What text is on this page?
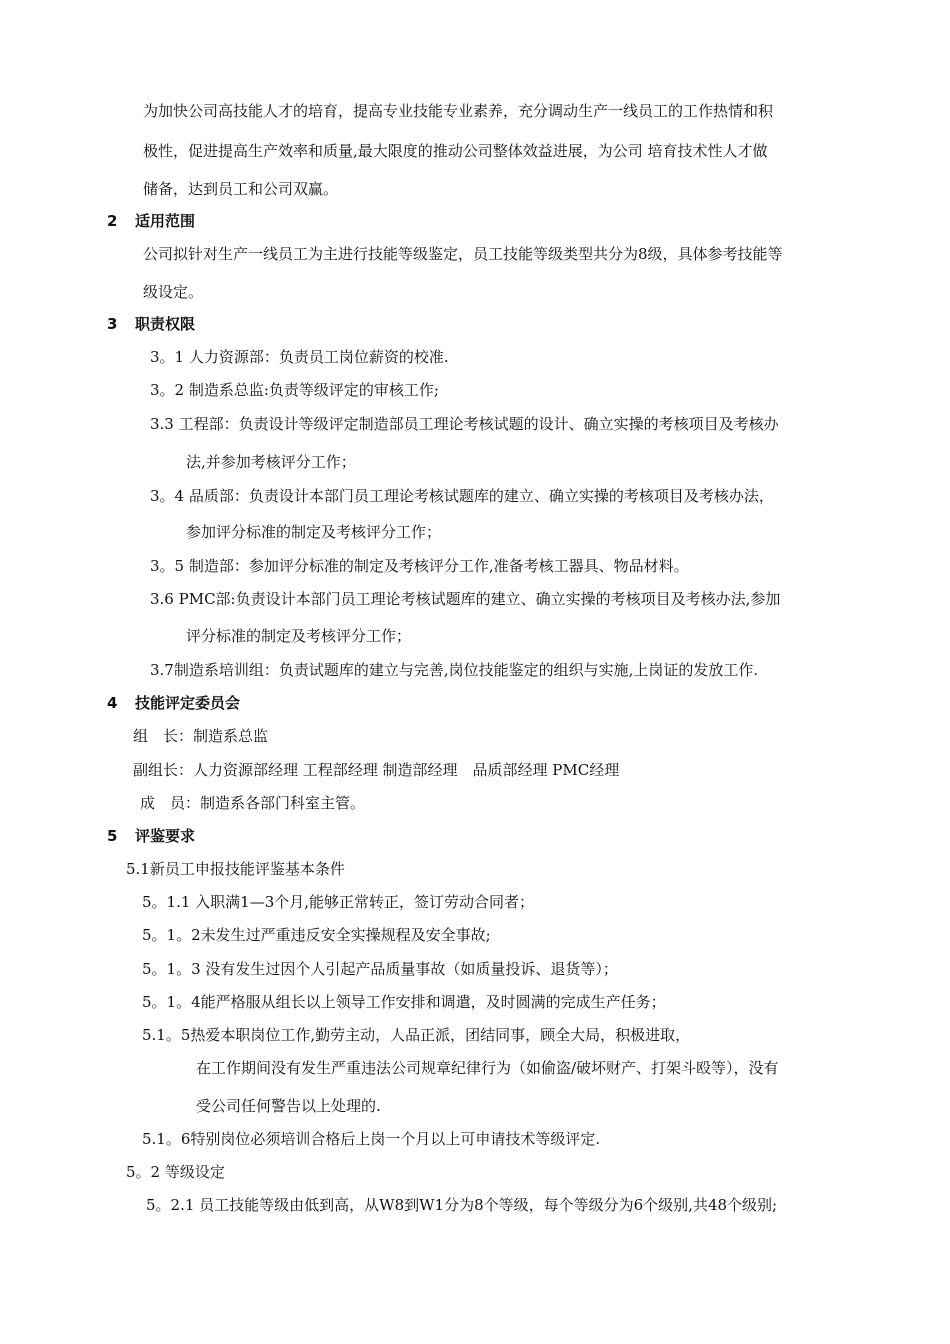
为加快公司高技能人才的培育，提高专业技能专业素养，充分调动生产一线员工的工作热情和积
极性，促进提高生产效率和质量,最大限度的推动公司整体效益进展，为公司 培育技术性人才做
储备，达到员工和公司双赢。
2 适用范围
公司拟针对生产一线员工为主进行技能等级鉴定，员工技能等级类型共分为8级，具体参考技能等
级设定。
3 职责权限
3。1 人力资源部：负责员工岗位薪资的校准.
3。2 制造系总监:负责等级评定的审核工作;
3.3 工程部：负责设计等级评定制造部员工理论考核试题的设计、确立实操的考核项目及考核办
法,并参加考核评分工作；
3。4 品质部：负责设计本部门员工理论考核试题库的建立、确立实操的考核项目及考核办法，
参加评分标准的制定及考核评分工作；
3。5 制造部：参加评分标准的制定及考核评分工作,准备考核工器具、物品材料。
3.6 PMC部:负责设计本部门员工理论考核试题库的建立、确立实操的考核项目及考核办法,参加
评分标准的制定及考核评分工作；
3.7制造系培训组：负责试题库的建立与完善,岗位技能鉴定的组织与实施,上岗证的发放工作.
4 技能评定委员会
组　长：制造系总监
副组长：人力资源部经理 工程部经理 制造部经理　品质部经理 PMC经理
成　员：制造系各部门科室主管。
5 评鉴要求
5.1新员工申报技能评鉴基本条件
5。1.1 入职满1—3个月,能够正常转正，签订劳动合同者；
5。1。2未发生过严重违反安全实操规程及安全事故;
5。1。3 没有发生过因个人引起产品质量事故（如质量投诉、退货等）；
5。1。4能严格服从组长以上领导工作安排和调遣，及时圆满的完成生产任务；
5.1。5热爱本职岗位工作,勤劳主动，人品正派，团结同事，顾全大局，积极进取，
在工作期间没有发生严重违法公司规章纪律行为（如偷盗/破坏财产、打架斗殴等），没有
受公司任何警告以上处理的.
5.1。6特别岗位必须培训合格后上岗一个月以上可申请技术等级评定.
5。2 等级设定
5。2.1 员工技能等级由低到高，从W8到W1分为8个等级，每个等级分为6个级别,共48个级别;
